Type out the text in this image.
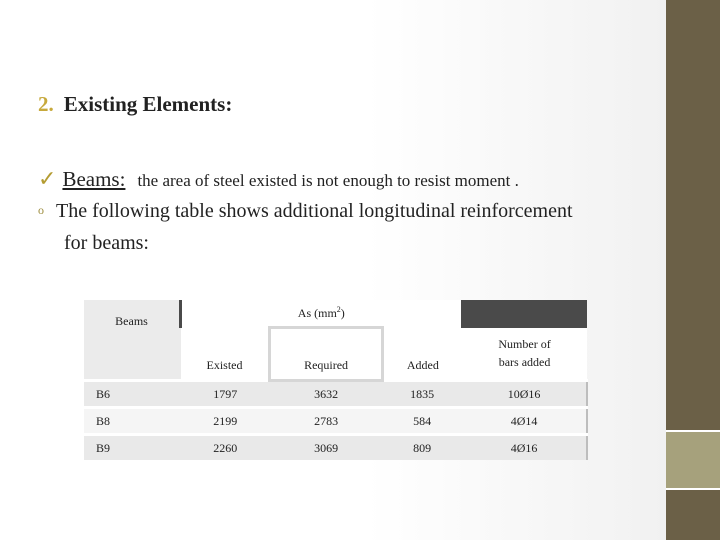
2. Existing Elements:
✓ Beams: the area of steel existed is not enough to resist moment .
o The following table shows additional longitudinal reinforcement
for beams:
Beams	As $(mm^2)$			
	Existed	Required	Added	Number of
bars added
B6	1797	3632	1835	10Ø16
B8	2199	2783	584	4Ø14
B9	2260	3069	809	4Ø16
